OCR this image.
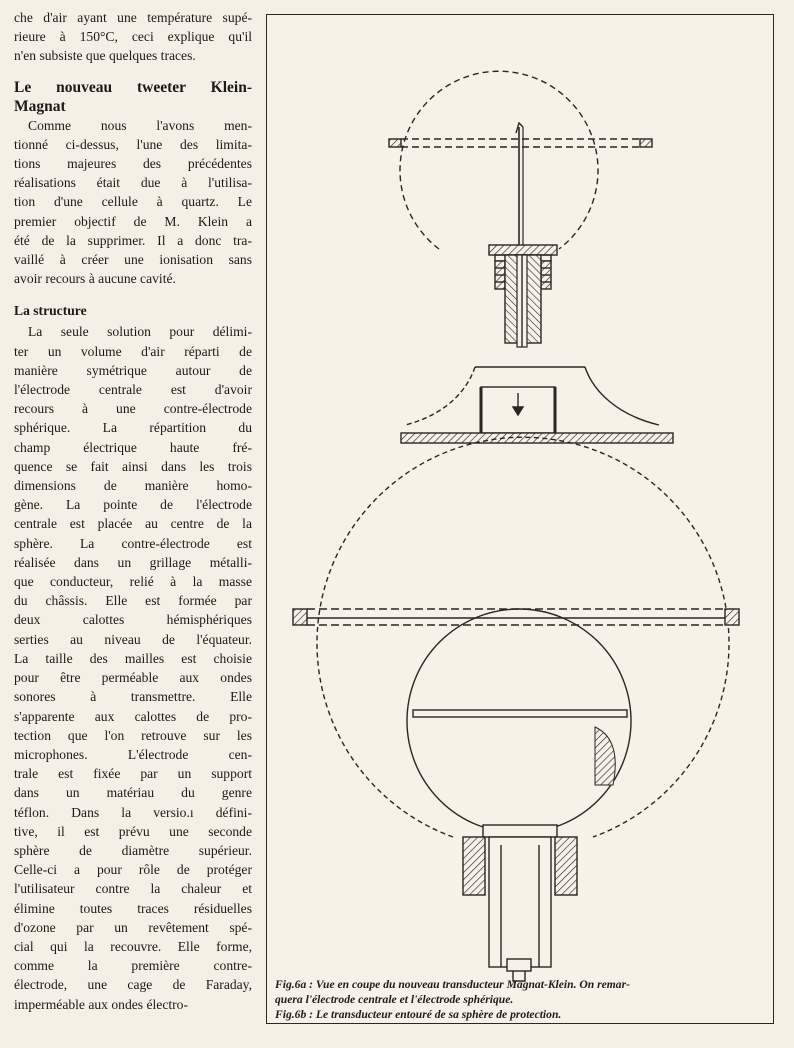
che d'air ayant une température supé-
rieure à 150°C, ceci explique qu'il
n'en subsiste que quelques traces.

Le nouveau tweeter Klein-
Magnat

Comme nous l'avons men-
tionné ci-dessus, l'une des limita-
tions majeures des précédentes
réalisations était due à l'utilisa-
tion d'une cellule à quartz. Le
premier objectif de M. Klein a
été de la supprimer. Il a donc tra-
vaillé à créer une ionisation sans
avoir recours à aucune cavité.

La structure

La seule solution pour délimi-
ter un volume d'air réparti de
manière symétrique autour de
l'électrode centrale est d'avoir
recours à une contre-électrode
sphérique. La répartition du
champ électrique haute fré-
quence se fait ainsi dans les trois
dimensions de manière homo-
gène. La pointe de l'électrode
centrale est placée au centre de la
sphère. La contre-électrode est
réalisée dans un grillage métalli-
que conducteur, relié à la masse
du châssis. Elle est formée par
deux calottes hémisphériques
serties au niveau de l'équateur.
La taille des mailles est choisie
pour être perméable aux ondes
sonores à transmettre. Elle
s'apparente aux calottes de pro-
tection que l'on retrouve sur les
microphones. L'électrode cen-
trale est fixée par un support
dans un matériau du genre
téflon. Dans la versio.ı défini-
tive, il est prévu une seconde
sphère de diamètre supérieur.
Celle-ci a pour rôle de protéger
l'utilisateur contre la chaleur et
élimine toutes traces résiduelles
d'ozone par un revêtement spé-
cial qui la recouvre. Elle forme,
comme la première contre-
électrode, une cage de Faraday,
imperméable aux ondes électro-

Fig.6a : Vue en coupe du nouveau transducteur Magnat-Klein. On remar-
quera l'électrode centrale et l'électrode sphérique.
Fig.6b : Le transducteur entouré de sa sphère de protection.
